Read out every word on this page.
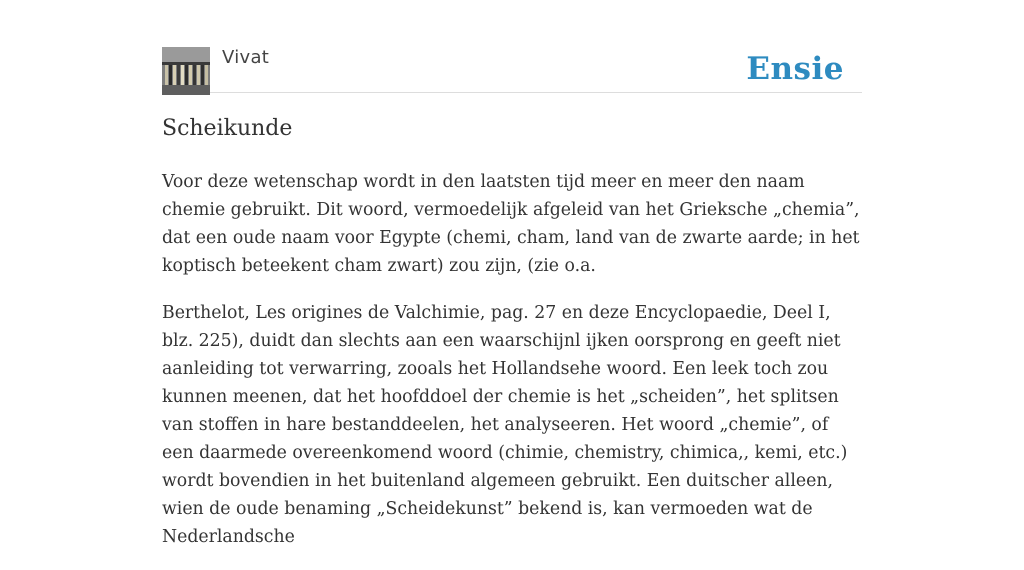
Vivat	Ensie
Scheikunde

Voor deze wetenschap wordt in den laatsten tijd meer en meer den naam chemie gebruikt. Dit woord, vermoedelijk afgeleid van het Grieksche „chemia”, dat een oude naam voor Egypte (chemi, cham, land van de zwarte aarde; in het koptisch beteekent cham zwart) zou zijn, (zie o.a.

Berthelot, Les origines de Valchimie, pag. 27 en deze Encyclopaedie, Deel I, blz. 225), duidt dan slechts aan een waarschijnl ijken oorsprong en geeft niet aanleiding tot verwarring, zooals het Hollandsehe woord. Een leek toch zou kunnen meenen, dat het hoofddoel der chemie is het „scheiden”, het splitsen van stoffen in hare bestanddeelen, het analyseeren. Het woord „chemie”, of een daarmede overeenkomend woord (chimie, chemistry, chimica,, kemi, etc.) wordt bovendien in het buitenland algemeen gebruikt. Een duitscher alleen, wien de oude benaming „Scheidekunst” bekend is, kan vermoeden wat de Nederlandsche
